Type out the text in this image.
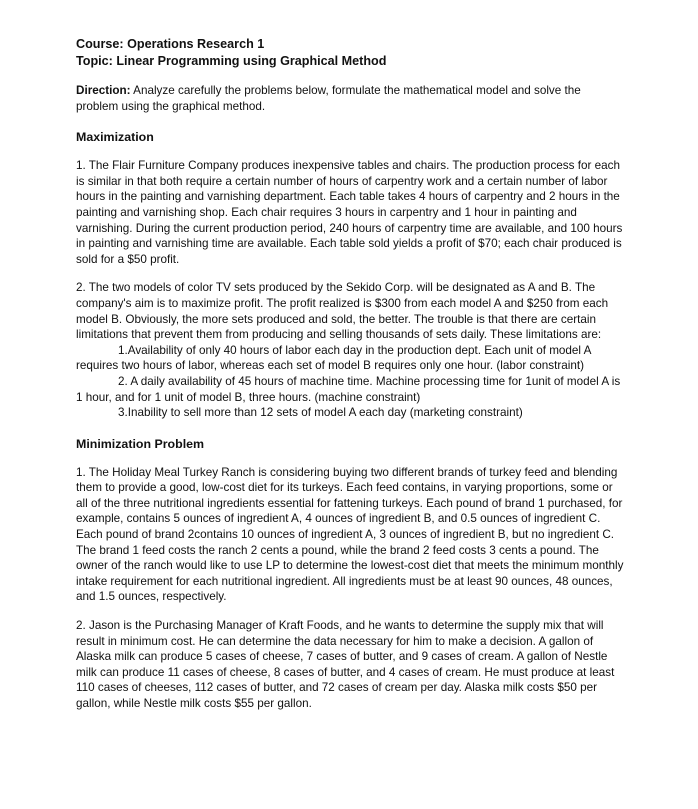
Course: Operations Research 1
Topic: Linear Programming using Graphical Method

Direction: Analyze carefully the problems below, formulate the mathematical model and solve the problem using the graphical method.

Maximization

1. The Flair Furniture Company produces inexpensive tables and chairs. The production process for each is similar in that both require a certain number of hours of carpentry work and a certain number of labor hours in the painting and varnishing department. Each table takes 4 hours of carpentry and 2 hours in the painting and varnishing shop. Each chair requires 3 hours in carpentry and 1 hour in painting and varnishing. During the current production period, 240 hours of carpentry time are available, and 100 hours in painting and varnishing time are available. Each table sold yields a profit of $70; each chair produced is sold for a $50 profit.

2. The two models of color TV sets produced by the Sekido Corp. will be designated as A and B. The company's aim is to maximize profit. The profit realized is $300 from each model A and $250 from each model B. Obviously, the more sets produced and sold, the better. The trouble is that there are certain limitations that prevent them from producing and selling thousands of sets daily. These limitations are:

1.Availability of only 40 hours of labor each day in the production dept. Each unit of model A requires two hours of labor, whereas each set of model B requires only one hour. (labor constraint)

2. A daily availability of 45 hours of machine time. Machine processing time for 1unit of model A is 1 hour, and for 1 unit of model B, three hours. (machine constraint)

3.Inability to sell more than 12 sets of model A each day (marketing constraint)

Minimization Problem

1. The Holiday Meal Turkey Ranch is considering buying two different brands of turkey feed and blending them to provide a good, low-cost diet for its turkeys. Each feed contains, in varying proportions, some or all of the three nutritional ingredients essential for fattening turkeys. Each pound of brand 1 purchased, for example, contains 5 ounces of ingredient A, 4 ounces of ingredient B, and 0.5 ounces of ingredient C. Each pound of brand 2contains 10 ounces of ingredient A, 3 ounces of ingredient B, but no ingredient C. The brand 1 feed costs the ranch 2 cents a pound, while the brand 2 feed costs 3 cents a pound. The owner of the ranch would like to use LP to determine the lowest-cost diet that meets the minimum monthly intake requirement for each nutritional ingredient. All ingredients must be at least 90 ounces, 48 ounces, and 1.5 ounces, respectively.

2. Jason is the Purchasing Manager of Kraft Foods, and he wants to determine the supply mix that will result in minimum cost. He can determine the data necessary for him to make a decision. A gallon of Alaska milk can produce 5 cases of cheese, 7 cases of butter, and 9 cases of cream. A gallon of Nestle milk can produce 11 cases of cheese, 8 cases of butter, and 4 cases of cream. He must produce at least 110 cases of cheeses, 112 cases of butter, and 72 cases of cream per day. Alaska milk costs $50 per gallon, while Nestle milk costs $55 per gallon.
